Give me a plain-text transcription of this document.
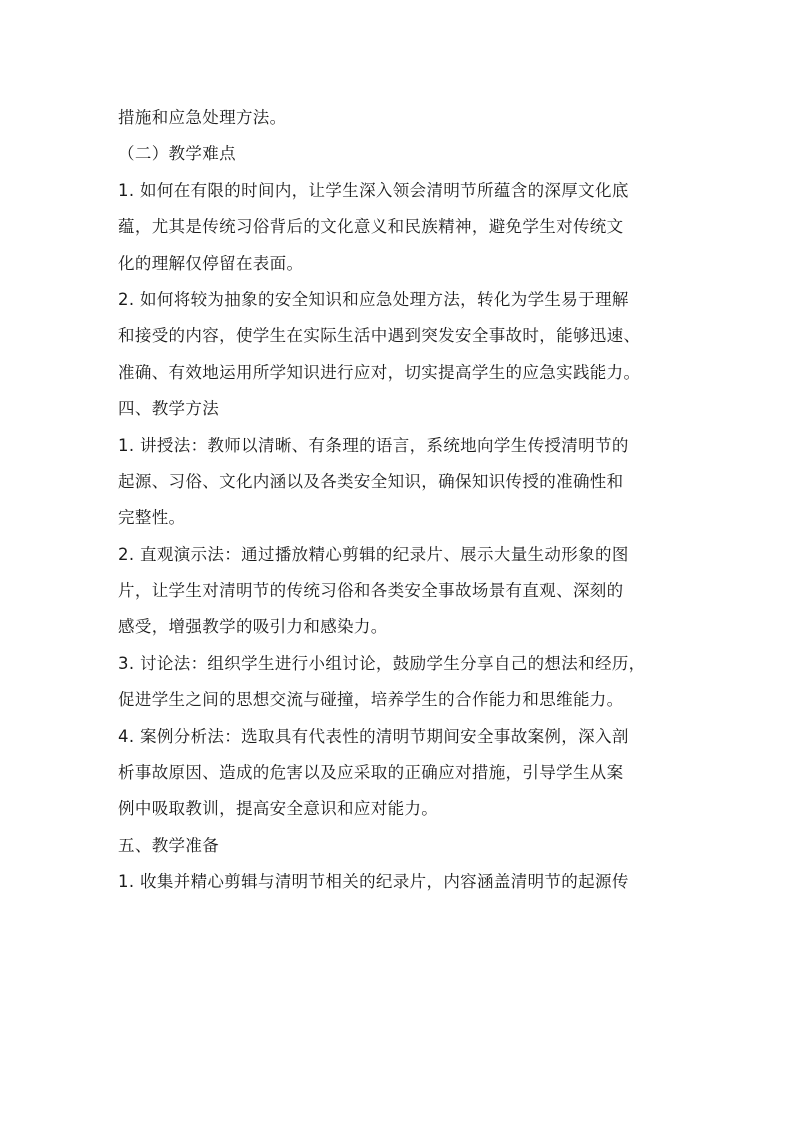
措施和应急处理方法。
（二）教学难点
1. 如何在有限的时间内，让学生深入领会清明节所蕴含的深厚文化底
蕴，尤其是传统习俗背后的文化意义和民族精神，避免学生对传统文
化的理解仅停留在表面。
2. 如何将较为抽象的安全知识和应急处理方法，转化为学生易于理解
和接受的内容，使学生在实际生活中遇到突发安全事故时，能够迅速、
准确、有效地运用所学知识进行应对，切实提高学生的应急实践能力。
四、教学方法
1. 讲授法：教师以清晰、有条理的语言，系统地向学生传授清明节的
起源、习俗、文化内涵以及各类安全知识，确保知识传授的准确性和
完整性。
2. 直观演示法：通过播放精心剪辑的纪录片、展示大量生动形象的图
片，让学生对清明节的传统习俗和各类安全事故场景有直观、深刻的
感受，增强教学的吸引力和感染力。
3. 讨论法：组织学生进行小组讨论，鼓励学生分享自己的想法和经历，
促进学生之间的思想交流与碰撞，培养学生的合作能力和思维能力。
4. 案例分析法：选取具有代表性的清明节期间安全事故案例，深入剖
析事故原因、造成的危害以及应采取的正确应对措施，引导学生从案
例中吸取教训，提高安全意识和应对能力。
五、教学准备
1. 收集并精心剪辑与清明节相关的纪录片，内容涵盖清明节的起源传
